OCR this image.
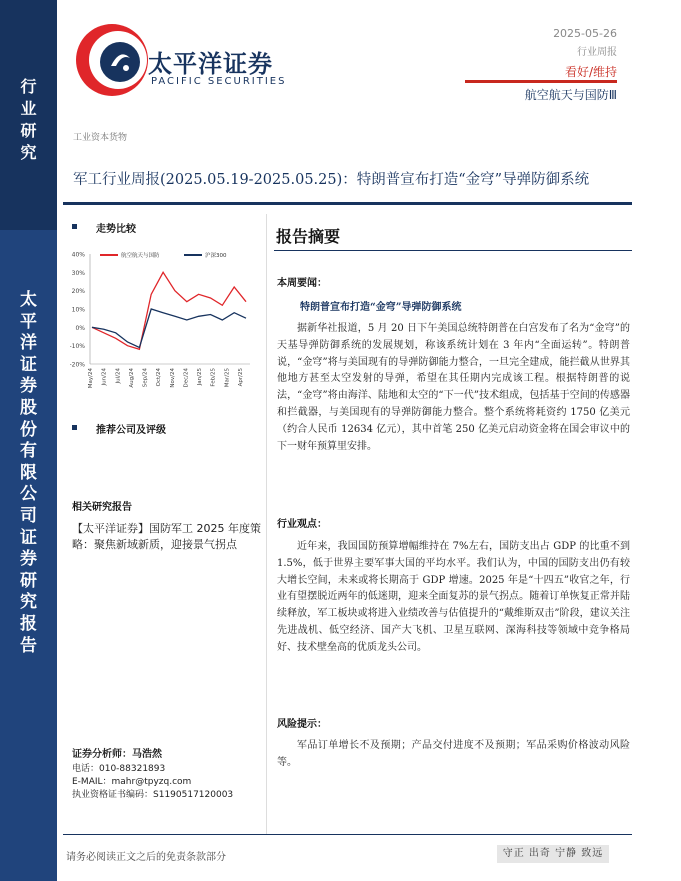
行
业
研
究
太
平
洋
证
券
股
份
有
限
公
司
证
券
研
究
报
告
太平洋证券
PACIFIC SECURITIES
2025-05-26
行业周报
看好/维持
航空航天与国防Ⅲ
工业资本货物
军工行业周报(2025.05.19-2025.05.25)：特朗普宣布打造“金穹”导弹防御系统
走势比较
40%
30%
20%
10%
0%
-10%
-20%
May/24 Jun/24 Jul/24 Aug/24 Sep/24 Oct/24 Nov/24 Dec/24 Jan/25 Feb/25 Mar/25 Apr/25
航空航天与国防	沪深300
推荐公司及评级
相关研究报告
【太平洋证券】国防军工 2025 年度策略：聚焦新域新质，迎接景气拐点
证券分析师：马浩然
电话：010-88321893
E-MAIL：mahr@tpyzq.com
执业资格证书编码：S1190517120003
报告摘要
本周要闻：
特朗普宣布打造“金穹”导弹防御系统
据新华社报道，5 月 20 日下午美国总统特朗普在白宫发布了名为“金穹”的天基导弹防御系统的发展规划，称该系统计划在 3 年内“全面运转”。特朗普说，“金穹”将与美国现有的导弹防御能力整合，一旦完全建成，能拦截从世界其他地方甚至太空发射的导弹，希望在其任期内完成该工程。根据特朗普的说法，“金穹”将由海洋、陆地和太空的“下一代”技术组成，包括基于空间的传感器和拦截器，与美国现有的导弹防御能力整合。整个系统将耗资约 1750 亿美元（约合人民币 12634 亿元），其中首笔 250 亿美元启动资金将在国会审议中的下一财年预算里安排。
行业观点：
近年来，我国国防预算增幅维持在 7%左右，国防支出占 GDP 的比重不到 1.5%，低于世界主要军事大国的平均水平。我们认为，中国的国防支出仍有较大增长空间，未来或将长期高于 GDP 增速。2025 年是“十四五”收官之年，行业有望摆脱近两年的低迷期，迎来全面复苏的景气拐点。随着订单恢复正常并陆续释放，军工板块或将进入业绩改善与估值提升的“戴维斯双击”阶段，建议关注先进战机、低空经济、国产大飞机、卫星互联网、深海科技等领域中竞争格局好、技术壁垒高的优质龙头公司。
风险提示：
军品订单增长不及预期；产品交付进度不及预期；军品采购价格波动风险等。
请务必阅读正文之后的免责条款部分	守正 出奇 宁静 致远
